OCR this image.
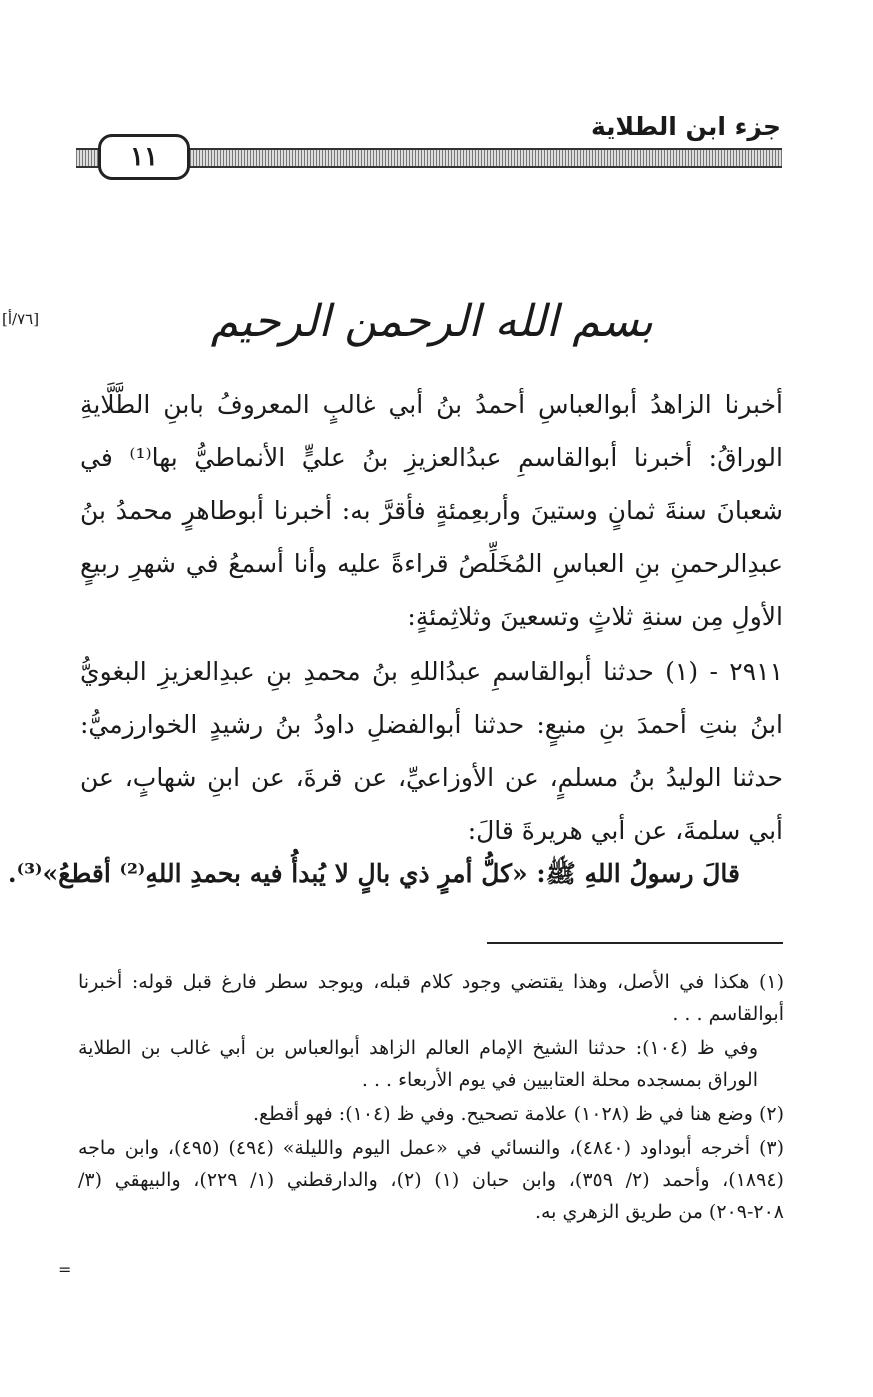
جزء ابن الطلاية
١١
[٧٦/أ]	بسم الله الرحمن الرحيم
أخبرنا الزاهدُ أبوالعباسِ أحمدُ بنُ أبي غالبٍ المعروفُ بابنِ الطَّلَّايةِ الوراقُ: أخبرنا أبوالقاسمِ عبدُالعزيزِ بنُ عليٍّ الأنماطيُّ بها⁽¹⁾ في شعبانَ سنةَ ثمانٍ وستينَ وأربعِمئةٍ فأقرَّ به: أخبرنا أبوطاهرٍ محمدُ بنُ عبدِالرحمنِ بنِ العباسِ المُخَلِّصُ قراءةً عليه وأنا أسمعُ في شهرِ ربيعٍ الأولِ مِن سنةِ ثلاثٍ وتسعينَ وثلاثِمئةٍ:
٢٩١١ - (١) حدثنا أبوالقاسمِ عبدُاللهِ بنُ محمدِ بنِ عبدِالعزيزِ البغويُّ ابنُ بنتِ أحمدَ بنِ منيعٍ: حدثنا أبوالفضلِ داودُ بنُ رشيدٍ الخوارزميُّ: حدثنا الوليدُ بنُ مسلمٍ، عن الأوزاعيِّ، عن قرةَ، عن ابنِ شهابٍ، عن أبي سلمةَ، عن أبي هريرةَ قالَ:
قالَ رسولُ اللهِ ﷺ: «كلُّ أمرٍ ذي بالٍ لا يُبدأُ فيه بحمدِ اللهِ⁽²⁾ أقطعُ»⁽³⁾.

(١) هكذا في الأصل، وهذا يقتضي وجود كلام قبله، ويوجد سطر فارغ قبل قوله: أخبرنا أبوالقاسم . . .

وفي ظ (١٠٤): حدثنا الشيخ الإمام العالم الزاهد أبوالعباس بن أبي غالب بن الطلاية الوراق بمسجده محلة العتابيين في يوم الأربعاء . . .

(٢) وضع هنا في ظ (١٠٢٨) علامة تصحيح. وفي ظ (١٠٤): فهو أقطع.

(٣) أخرجه أبوداود (٤٨٤٠)، والنسائي في «عمل اليوم والليلة» (٤٩٤) (٤٩٥)، وابن ماجه (١٨٩٤)، وأحمد (٢/ ٣٥٩)، وابن حبان (١) (٢)، والدارقطني (١/ ٢٢٩)، والبيهقي (٣/ ٢٠٨-٢٠٩) من طريق الزهري به.

=
